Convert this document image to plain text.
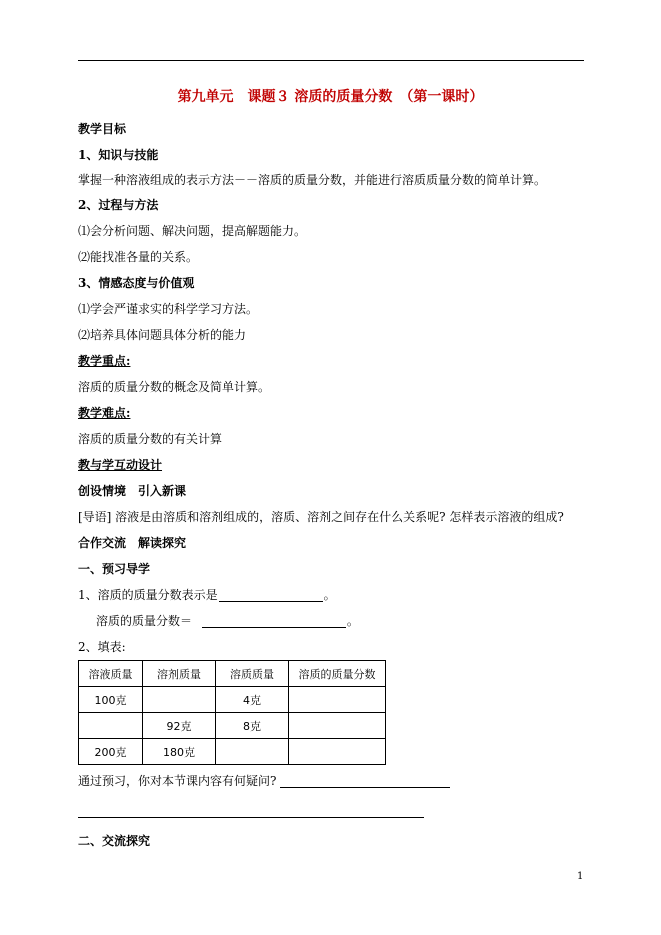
第九单元　课题３ 溶质的质量分数　（第一课时）
教学目标
1、知识与技能
掌握一种溶液组成的表示方法－－溶质的质量分数，并能进行溶质质量分数的简单计算。
2、过程与方法
⑴会分析问题、解决问题，提高解题能力。
⑵能找准各量的关系。
3、情感态度与价值观
⑴学会严谨求实的科学学习方法。
⑵培养具体问题具体分析的能力
教学重点:
溶质的质量分数的概念及简单计算。
教学难点:
溶质的质量分数的有关计算
教与学互动设计
创设情境　引入新课
[导语] 溶液是由溶质和溶剂组成的，溶质、溶剂之间存在什么关系呢? 怎样表示溶液的组成?
合作交流　解读探究
一、预习导学
1、溶质的质量分数表示是	。
溶质的质量分数＝	。
2、填表:
溶液质量	溶剂质量	溶质质量	溶质的质量分数
100克		4克	
	92克	8克	
200克	180克		
通过预习，你对本节课内容有何疑问?
二、交流探究
1
